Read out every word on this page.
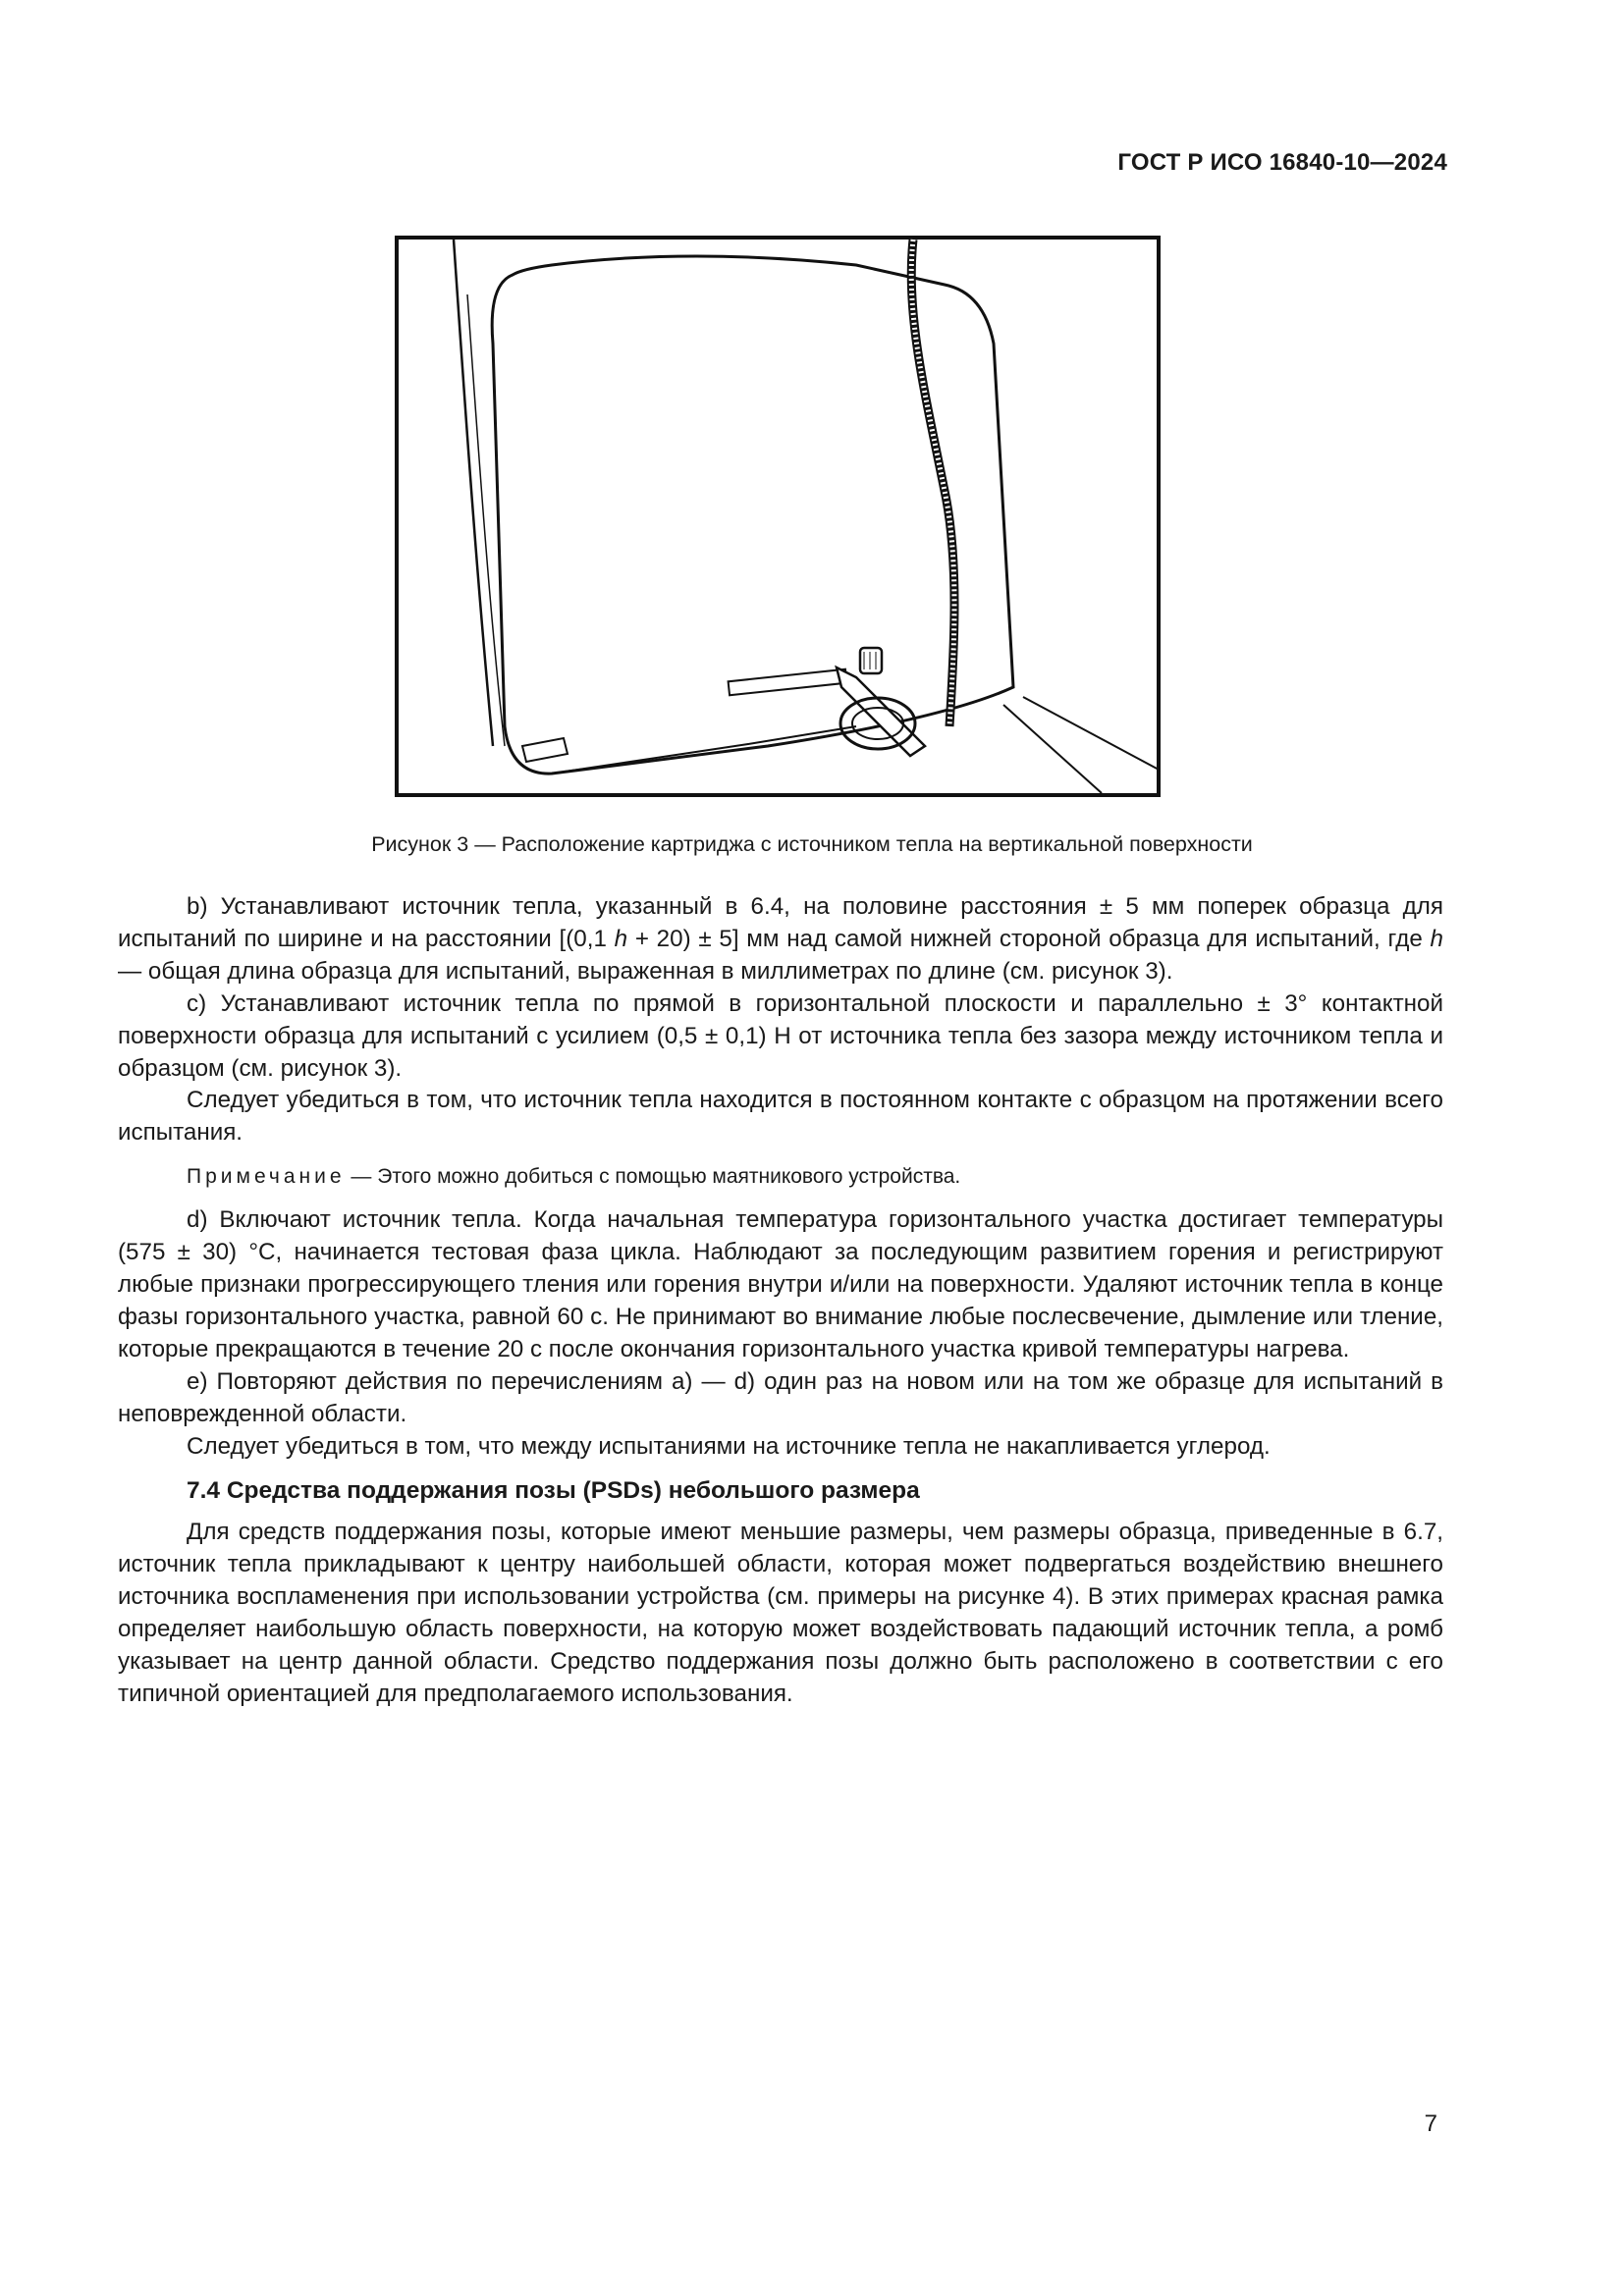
ГОСТ Р ИСО 16840-10—2024
Рисунок 3 — Расположение картриджа с источником тепла на вертикальной поверхности

b) Устанавливают источник тепла, указанный в 6.4, на половине расстояния ± 5 мм поперек образца для испытаний по ширине и на расстоянии [(0,1 h + 20) ± 5] мм над самой нижней стороной образца для испытаний, где h — общая длина образца для испытаний, выраженная в миллиметрах по длине (см. рисунок 3).

c) Устанавливают источник тепла по прямой в горизонтальной плоскости и параллельно ± 3° контактной поверхности образца для испытаний с усилием (0,5 ± 0,1) Н от источника тепла без зазора между источником тепла и образцом (см. рисунок 3).

Следует убедиться в том, что источник тепла находится в постоянном контакте с образцом на протяжении всего испытания.

Примечание — Этого можно добиться с помощью маятникового устройства.

d) Включают источник тепла. Когда начальная температура горизонтального участка достигает температуры (575 ± 30) °С, начинается тестовая фаза цикла. Наблюдают за последующим развитием горения и регистрируют любые признаки прогрессирующего тления или горения внутри и/или на поверхности. Удаляют источник тепла в конце фазы горизонтального участка, равной 60 с. Не принимают во внимание любые послесвечение, дымление или тление, которые прекращаются в течение 20 с после окончания горизонтального участка кривой температуры нагрева.

e) Повторяют действия по перечислениям а) — d) один раз на новом или на том же образце для испытаний в неповрежденной области.

Следует убедиться в том, что между испытаниями на источнике тепла не накапливается углерод.

7.4 Средства поддержания позы (PSDs) небольшого размера

Для средств поддержания позы, которые имеют меньшие размеры, чем размеры образца, приведенные в 6.7, источник тепла прикладывают к центру наибольшей области, которая может подвергаться воздействию внешнего источника воспламенения при использовании устройства (см. примеры на рисунке 4). В этих примерах красная рамка определяет наибольшую область поверхности, на которую может воздействовать падающий источник тепла, а ромб указывает на центр данной области. Средство поддержания позы должно быть расположено в соответствии с его типичной ориентацией для предполагаемого использования.

7
